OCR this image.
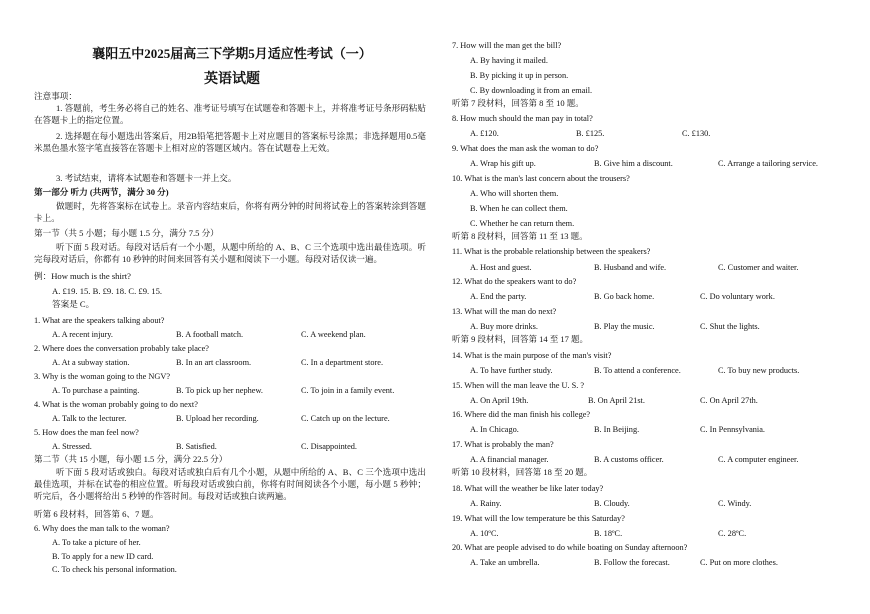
襄阳五中2025届高三下学期5月适应性考试（一）
英语试题
注意事项：
1. 答题前，考生务必将自己的姓名、准考证号填写在试题卷和答题卡上，并将准考证号条形码粘贴在答题卡上的指定位置。
2. 选择题在每小题选出答案后，用2B铅笔把答题卡上对应题目的答案标号涂黑；非选择题用0.5毫米黑色墨水签字笔直接答在答题卡上相对应的答题区域内。答在试题卷上无效。
3. 考试结束，请将本试题卷和答题卡一并上交。
第一部分 听力 (共两节，满分 30 分)
做题时，先将答案标在试卷上。录音内容结束后，你将有两分钟的时间将试卷上的答案转涂到答题卡上。
第一节（共 5 小题；每小题 1.5 分，满分 7.5 分）
听下面 5 段对话。每段对话后有一个小题，从题中所给的 A、B、C 三个选项中选出最佳选项。听完每段对话后，你都有 10 秒钟的时间来回答有关小题和阅读下一小题。每段对话仅读一遍。
例：How much is the shirt?
A. £19. 15. B. £9. 18. C. £9. 15.
答案是 C。
1. What are the speakers talking about?
A. A recent injury.	B. A football match.	C. A weekend plan.
2. Where does the conversation probably take place?
A. At a subway station.	B. In an art classroom.	C. In a department store.
3. Why is the woman going to the NGV?
A. To purchase a painting.	B. To pick up her nephew.	C. To join in a family event.
4. What is the woman probably going to do next?
A. Talk to the lecturer.	B. Upload her recording.	C. Catch up on the lecture.
5. How does the man feel now?
A. Stressed.	B. Satisfied.	C. Disappointed.
第二节（共 15 小题，每小题 1.5 分，满分 22.5 分）
听下面 5 段对话或独白。每段对话或独白后有几个小题，从题中所给的 A、B、C 三个选项中选出最佳选项，并标在试卷的相应位置。听每段对话或独白前，你将有时间阅读各个小题，每小题 5 秒钟；听完后，各小题将给出 5 秒钟的作答时间。每段对话或独白读两遍。
听第 6 段材料，回答第 6、7 题。
6. Why does the man talk to the woman?
A. To take a picture of her.
B. To apply for a new ID card.
C. To check his personal information.
7. How will the man get the bill?
A. By having it mailed.
B. By picking it up in person.
C. By downloading it from an email.
听第 7 段材料，回答第 8 至 10 题。
8. How much should the man pay in total?
A. £120.	B. £125.	C. £130.
9. What does the man ask the woman to do?
A. Wrap his gift up.	B. Give him a discount.	C. Arrange a tailoring service.
10. What is the man's last concern about the trousers?
A. Who will shorten them.
B. When he can collect them.
C. Whether he can return them.
听第 8 段材料，回答第 11 至 13 题。
11. What is the probable relationship between the speakers?
A. Host and guest.	B. Husband and wife.	C. Customer and waiter.
12. What do the speakers want to do?
A. End the party.	B. Go back home.	C. Do voluntary work.
13. What will the man do next?
A. Buy more drinks.	B. Play the music.	C. Shut the lights.
听第 9 段材料，回答第 14 至 17 题。
14. What is the main purpose of the man's visit?
A. To have further study.	B. To attend a conference.	C. To buy new products.
15. When will the man leave the U. S. ?
A. On April 19th.	B. On April 21st.	C. On April 27th.
16. Where did the man finish his college?
A. In Chicago.	B. In Beijing.	C. In Pennsylvania.
17. What is probably the man?
A. A financial manager.	B. A customs officer.	C. A computer engineer.
听第 10 段材料，回答第 18 至 20 题。
18. What will the weather be like later today?
A. Rainy.	B. Cloudy.	C. Windy.
19. What will the low temperature be this Saturday?
A. 10ºC.	B. 18ºC.	C. 28ºC.
20. What are people advised to do while boating on Sunday afternoon?
A. Take an umbrella.	B. Follow the forecast.	C. Put on more clothes.
